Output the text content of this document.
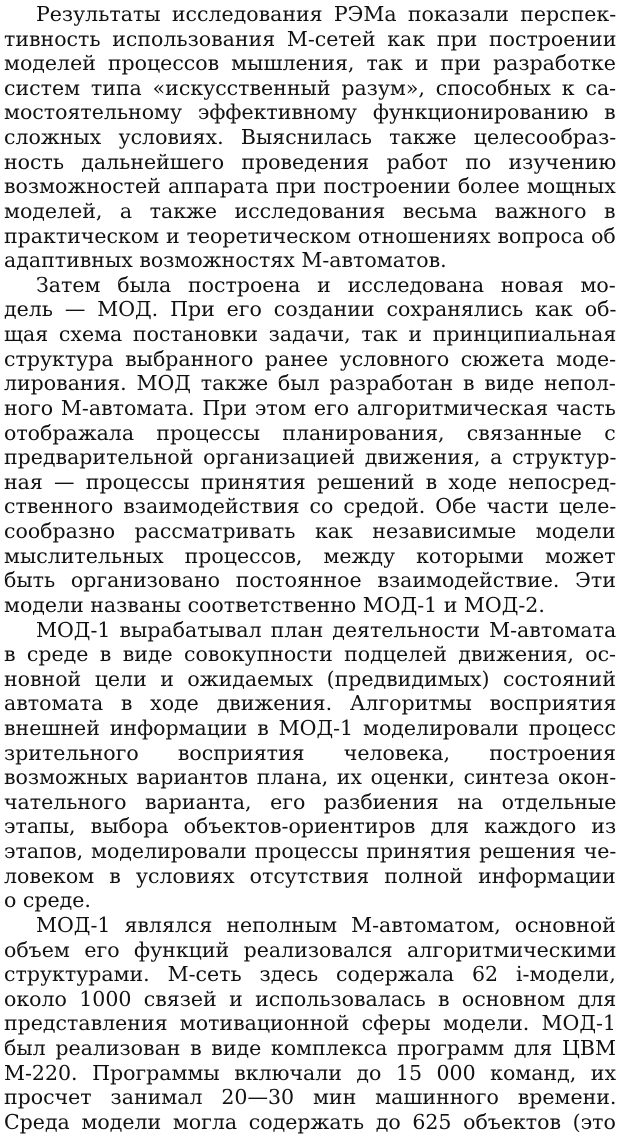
Результаты исследования РЭМа показали перспек-
тивность использования М-сетей как при построении
моделей процессов мышления, так и при разработке
систем типа «искусственный разум», способных к са-
мостоятельному эффективному функционированию в
сложных условиях. Выяснилась также целесообраз-
ность дальнейшего проведения работ по изучению
возможностей аппарата при построении более мощных
моделей, а также исследования весьма важного в
практическом и теоретическом отношениях вопроса об
адаптивных возможностях М-автоматов.
Затем была построена и исследована новая мо-
дель — МОД. При его создании сохранялись как об-
щая схема постановки задачи, так и принципиальная
структура выбранного ранее условного сюжета моде-
лирования. МОД также был разработан в виде непол-
ного М-автомата. При этом его алгоритмическая часть
отображала процессы планирования, связанные с
предварительной организацией движения, а структур-
ная — процессы принятия решений в ходе непосред-
ственного взаимодействия со средой. Обе части целе-
сообразно рассматривать как независимые модели
мыслительных процессов, между которыми может
быть организовано постоянное взаимодействие. Эти
модели названы соответственно МОД-1 и МОД-2.
МОД-1 вырабатывал план деятельности М-автомата
в среде в виде совокупности подцелей движения, ос-
новной цели и ожидаемых (предвидимых) состояний
автомата в ходе движения. Алгоритмы восприятия
внешней информации в МОД-1 моделировали процесс
зрительного восприятия человека, построения
возможных вариантов плана, их оценки, синтеза окон-
чательного варианта, его разбиения на отдельные
этапы, выбора объектов-ориентиров для каждого из
этапов, моделировали процессы принятия решения че-
ловеком в условиях отсутствия полной информации
о среде.
МОД-1 являлся неполным М-автоматом, основной
объем его функций реализовался алгоритмическими
структурами. М-сеть здесь содержала 62 i-модели,
около 1000 связей и использовалась в основном для
представления мотивационной сферы модели. МОД-1
был реализован в виде комплекса программ для ЦВМ
М-220. Программы включали до 15 000 команд, их
просчет занимал 20—30 мин машинного времени.
Среда модели могла содержать до 625 объектов (это
